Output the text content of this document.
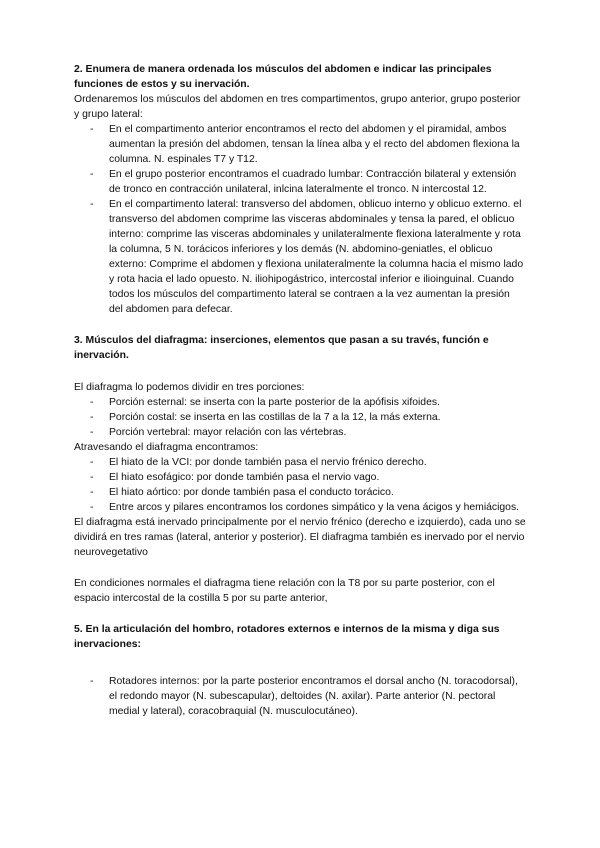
2. Enumera de manera ordenada los músculos del abdomen e indicar las principales funciones de estos y su inervación.

Ordenaremos los músculos del abdomen en tres compartimentos, grupo anterior, grupo posterior y grupo lateral:

- En el compartimento anterior encontramos el recto del abdomen y el piramidal, ambos aumentan la presión del abdomen, tensan la línea alba y el recto del abdomen flexiona la columna. N. espinales T7 y T12.
- En el grupo posterior encontramos el cuadrado lumbar: Contracción bilateral y extensión de tronco en contracción unilateral, inlcina lateralmente el tronco. N intercostal 12.
- En el compartimento lateral: transverso del abdomen, oblicuo interno y oblicuo externo. el transverso del abdomen comprime las visceras abdominales y tensa la pared, el oblicuo interno: comprime las visceras abdominales y unilateralmente flexiona lateralmente y rota la columna, 5 N. torácicos inferiores y los demás (N. abdomino-geniatles, el oblicuo externo: Comprime el abdomen y flexiona unilateralmente la columna hacia el mismo lado y rota hacia el lado opuesto. N. iliohipogástrico, intercostal inferior e ilioinguinal. Cuando todos los músculos del compartimento lateral se contraen a la vez aumentan la presión del abdomen para defecar.

3. Músculos del diafragma: inserciones, elementos que pasan a su través, función e inervación.

El diafragma lo podemos dividir en tres porciones:

- Porción esternal: se inserta con la parte posterior de la apófisis xifoides.
- Porción costal: se inserta en las costillas de la 7 a la 12, la más externa.
- Porción vertebral: mayor relación con las vértebras.

Atravesando el diafragma encontramos:

- El hiato de la VCI: por donde también pasa el nervio frénico derecho.
- El hiato esofágico: por donde también pasa el nervio vago.
- El hiato aórtico: por donde también pasa el conducto torácico.
- Entre arcos y pilares encontramos los cordones simpático y la vena ácigos y hemiácigos.

El diafragma está inervado principalmente por el nervio frénico (derecho e izquierdo), cada uno se dividirá en tres ramas (lateral, anterior y posterior). El diafragma también es inervado por el nervio neurovegetativo

En condiciones normales el diafragma tiene relación con la T8 por su parte posterior, con el espacio intercostal de la costilla 5 por su parte anterior,

5. En la articulación del hombro, rotadores externos e internos de la misma y diga sus inervaciones:

- Rotadores internos: por la parte posterior encontramos el dorsal ancho (N. toracodorsal), el redondo mayor (N. subescapular), deltoides (N. axilar). Parte anterior (N. pectoral medial y lateral), coracobraquial (N. musculocutáneo).
